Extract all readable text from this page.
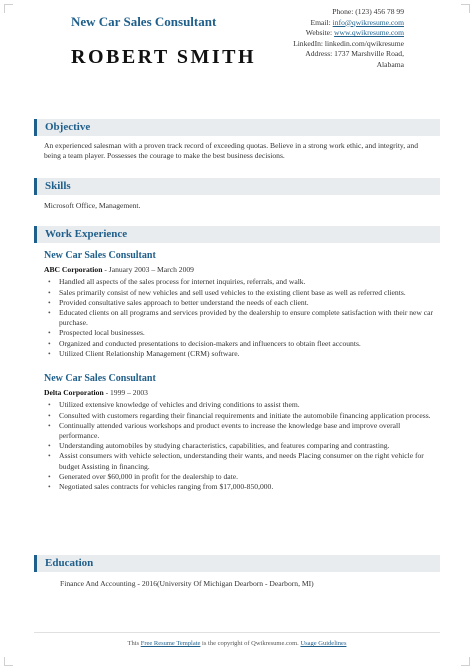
New Car Sales Consultant
ROBERT SMITH
Phone: (123) 456 78 99
Email: info@qwikresume.com
Website: www.qwikresume.com
LinkedIn: linkedin.com/qwikresume
Address: 1737 Marshville Road,
Alabama
Objective
An experienced salesman with a proven track record of exceeding quotas. Believe in a strong work ethic, and integrity, and being a team player. Possesses the courage to make the best business decisions.
Skills
Microsoft Office, Management.
Work Experience
New Car Sales Consultant
ABC Corporation - January 2003 – March 2009
• Handled all aspects of the sales process for internet inquiries, referrals, and walk.
• Sales primarily consist of new vehicles and sell used vehicles to the existing client base as well as referred clients.
• Provided consultative sales approach to better understand the needs of each client.
• Educated clients on all programs and services provided by the dealership to ensure complete satisfaction with their new car purchase.
• Prospected local businesses.
• Organized and conducted presentations to decision-makers and influencers to obtain fleet accounts.
• Utilized Client Relationship Management (CRM) software.
New Car Sales Consultant
Delta Corporation - 1999 – 2003
• Utilized extensive knowledge of vehicles and driving conditions to assist them.
• Consulted with customers regarding their financial requirements and initiate the automobile financing application process.
• Continually attended various workshops and product events to increase the knowledge base and improve overall performance.
• Understanding automobiles by studying characteristics, capabilities, and features comparing and contrasting.
• Assist consumers with vehicle selection, understanding their wants, and needs Placing consumer on the right vehicle for budget Assisting in financing.
• Generated over $60,000 in profit for the dealership to date.
• Negotiated sales contracts for vehicles ranging from $17,000-850,000.
Education
Finance And Accounting - 2016(University Of Michigan Dearborn - Dearborn, MI)
This Free Resume Template is the copyright of Qwikresume.com. Usage Guidelines
